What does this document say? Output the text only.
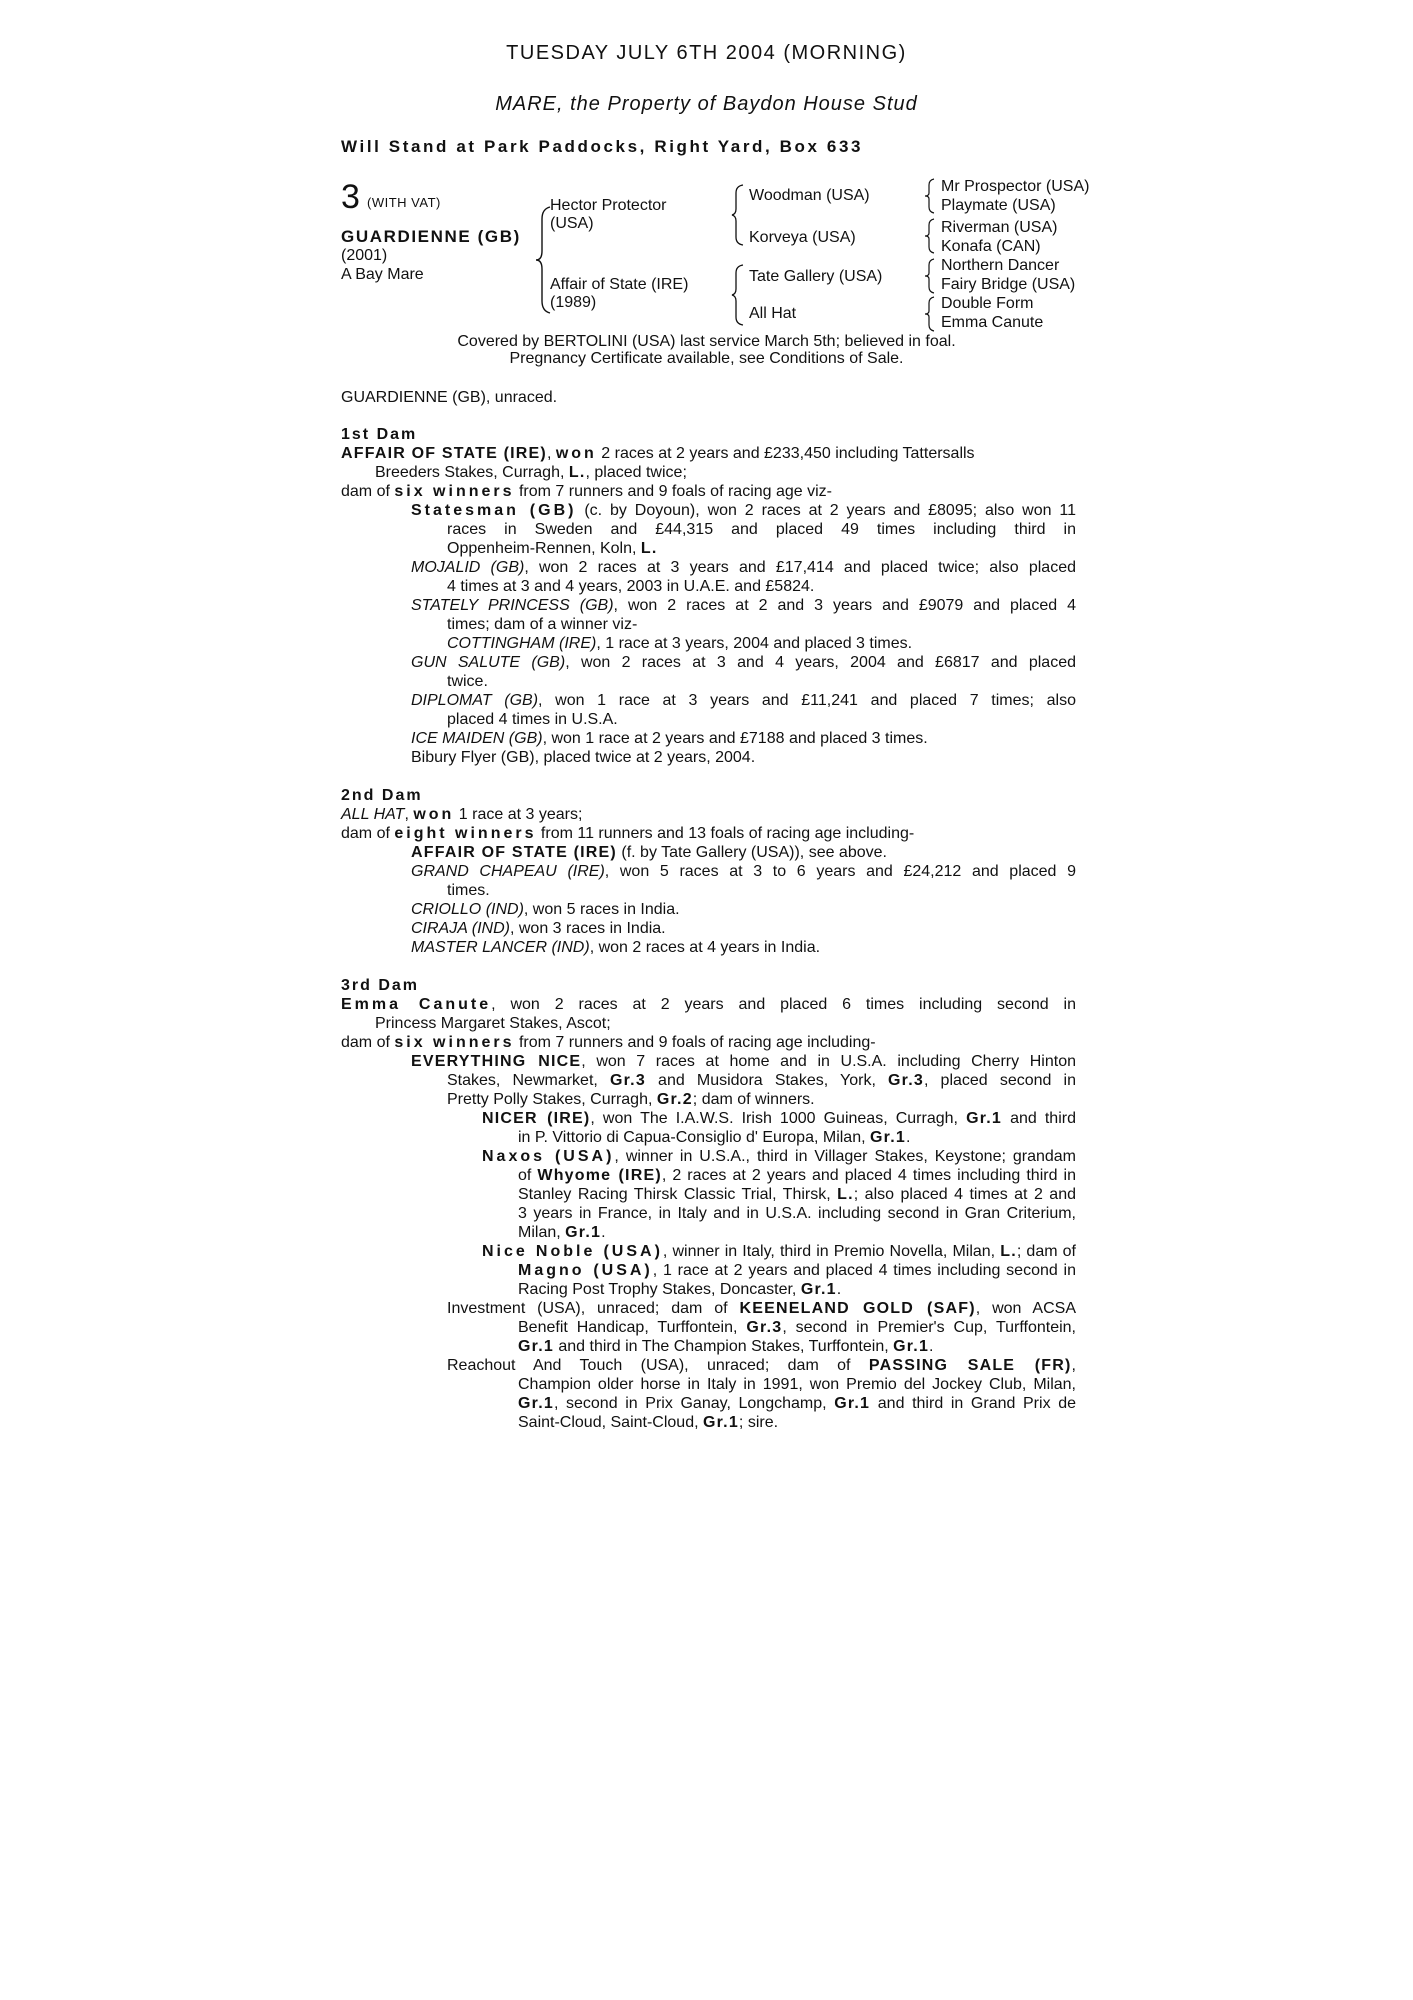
TUESDAY JULY 6TH 2004 (MORNING)
MARE, the Property of Baydon House Stud
Will Stand at Park Paddocks, Right Yard, Box 633
3 (WITH VAT)
GUARDIENNE (GB)
(2001)
A Bay Mare
Hector Protector
(USA)
Affair of State (IRE)
(1989)
Woodman (USA)
Korveya (USA)
Tate Gallery (USA)
All Hat
Mr Prospector (USA)
Playmate (USA)
Riverman (USA)
Konafa (CAN)
Northern Dancer
Fairy Bridge (USA)
Double Form
Emma Canute
Covered by BERTOLINI (USA) last service March 5th; believed in foal.
Pregnancy Certificate available, see Conditions of Sale.
GUARDIENNE (GB), unraced.
1st Dam
AFFAIR OF STATE (IRE), won 2 races at 2 years and £233,450 including Tattersalls
Breeders Stakes, Curragh, L., placed twice;
dam of six winners from 7 runners and 9 foals of racing age viz-
Statesman (GB) (c. by Doyoun), won 2 races at 2 years and £8095; also won 11
races in Sweden and £44,315 and placed 49 times including third in
Oppenheim-Rennen, Koln, L.
MOJALID (GB), won 2 races at 3 years and £17,414 and placed twice; also placed
4 times at 3 and 4 years, 2003 in U.A.E. and £5824.
STATELY PRINCESS (GB), won 2 races at 2 and 3 years and £9079 and placed 4
times; dam of a winner viz-
COTTINGHAM (IRE), 1 race at 3 years, 2004 and placed 3 times.
GUN SALUTE (GB), won 2 races at 3 and 4 years, 2004 and £6817 and placed
twice.
DIPLOMAT (GB), won 1 race at 3 years and £11,241 and placed 7 times; also
placed 4 times in U.S.A.
ICE MAIDEN (GB), won 1 race at 2 years and £7188 and placed 3 times.
Bibury Flyer (GB), placed twice at 2 years, 2004.
2nd Dam
ALL HAT, won 1 race at 3 years;
dam of eight winners from 11 runners and 13 foals of racing age including-
AFFAIR OF STATE (IRE) (f. by Tate Gallery (USA)), see above.
GRAND CHAPEAU (IRE), won 5 races at 3 to 6 years and £24,212 and placed 9
times.
CRIOLLO (IND), won 5 races in India.
CIRAJA (IND), won 3 races in India.
MASTER LANCER (IND), won 2 races at 4 years in India.
3rd Dam
Emma Canute, won 2 races at 2 years and placed 6 times including second in
Princess Margaret Stakes, Ascot;
dam of six winners from 7 runners and 9 foals of racing age including-
EVERYTHING NICE, won 7 races at home and in U.S.A. including Cherry Hinton
Stakes, Newmarket, Gr.3 and Musidora Stakes, York, Gr.3, placed second in
Pretty Polly Stakes, Curragh, Gr.2; dam of winners.
NICER (IRE), won The I.A.W.S. Irish 1000 Guineas, Curragh, Gr.1 and third
in P. Vittorio di Capua-Consiglio d' Europa, Milan, Gr.1.
Naxos (USA), winner in U.S.A., third in Villager Stakes, Keystone; grandam
of Whyome (IRE), 2 races at 2 years and placed 4 times including third in
Stanley Racing Thirsk Classic Trial, Thirsk, L.; also placed 4 times at 2 and
3 years in France, in Italy and in U.S.A. including second in Gran Criterium,
Milan, Gr.1.
Nice Noble (USA), winner in Italy, third in Premio Novella, Milan, L.; dam of
Magno (USA), 1 race at 2 years and placed 4 times including second in
Racing Post Trophy Stakes, Doncaster, Gr.1.
Investment (USA), unraced; dam of KEENELAND GOLD (SAF), won ACSA
Benefit Handicap, Turffontein, Gr.3, second in Premier's Cup, Turffontein,
Gr.1 and third in The Champion Stakes, Turffontein, Gr.1.
Reachout And Touch (USA), unraced; dam of PASSING SALE (FR),
Champion older horse in Italy in 1991, won Premio del Jockey Club, Milan,
Gr.1, second in Prix Ganay, Longchamp, Gr.1 and third in Grand Prix de
Saint-Cloud, Saint-Cloud, Gr.1; sire.
